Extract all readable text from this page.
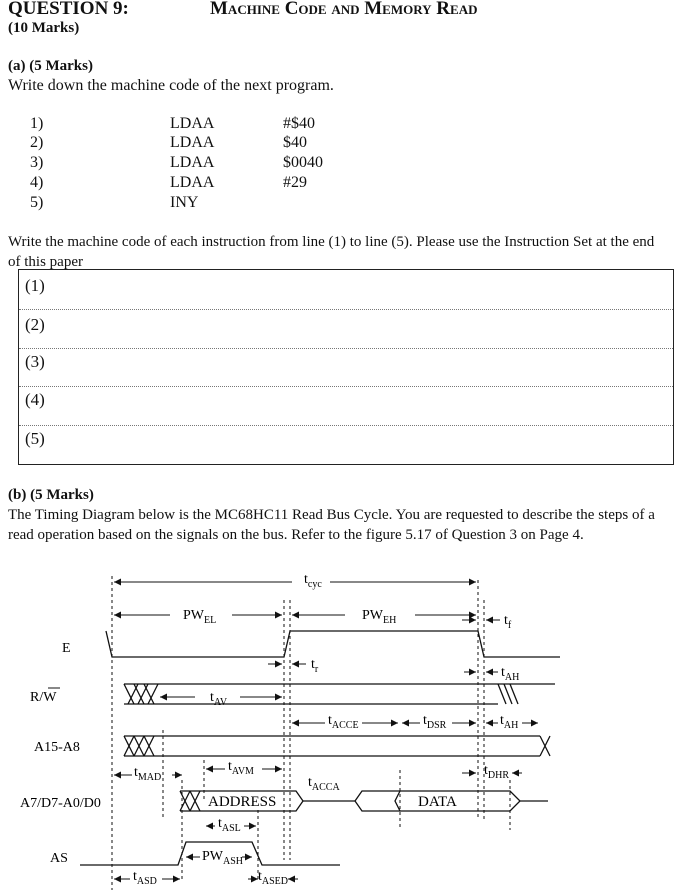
QUESTION 9:	Machine Code and Memory Read
(10 Marks)
(a) (5 Marks)
Write down the machine code of the next program.
1)	LDAA	#$40
2)	LDAA	$40
3)	LDAA	$0040
4)	LDAA	#29
5)	INY
Write the machine code of each instruction from line (1) to line (5). Please use the Instruction Set at the end of this paper
(1)
(2)
(3)
(4)
(5)
(b) (5 Marks)
The Timing Diagram below is the MC68HC11 Read Bus Cycle. You are requested to describe the steps of a read operation based on the signals on the bus. Refer to the figure 5.17 of Question 3 on Page 4.
E
R/W
A15-A8
A7/D7-A0/D0
AS
ADDRESS	DATA
$t_{cyc}$
$PW_{EL}$	$PW_{EH}$	$t_f$
$t_r$	$t_{AH}$
$t_{AV}$
$t_{ACCE}$	$t_{DSR}$	$t_{AH}$
$t_{MAD}$
$t_{AVM}$
$t_{ACCA}$
$t_{DHR}$
$t_{ASL}$
$PW_{ASH}$
$t_{ASD}$	$t_{ASED}$
